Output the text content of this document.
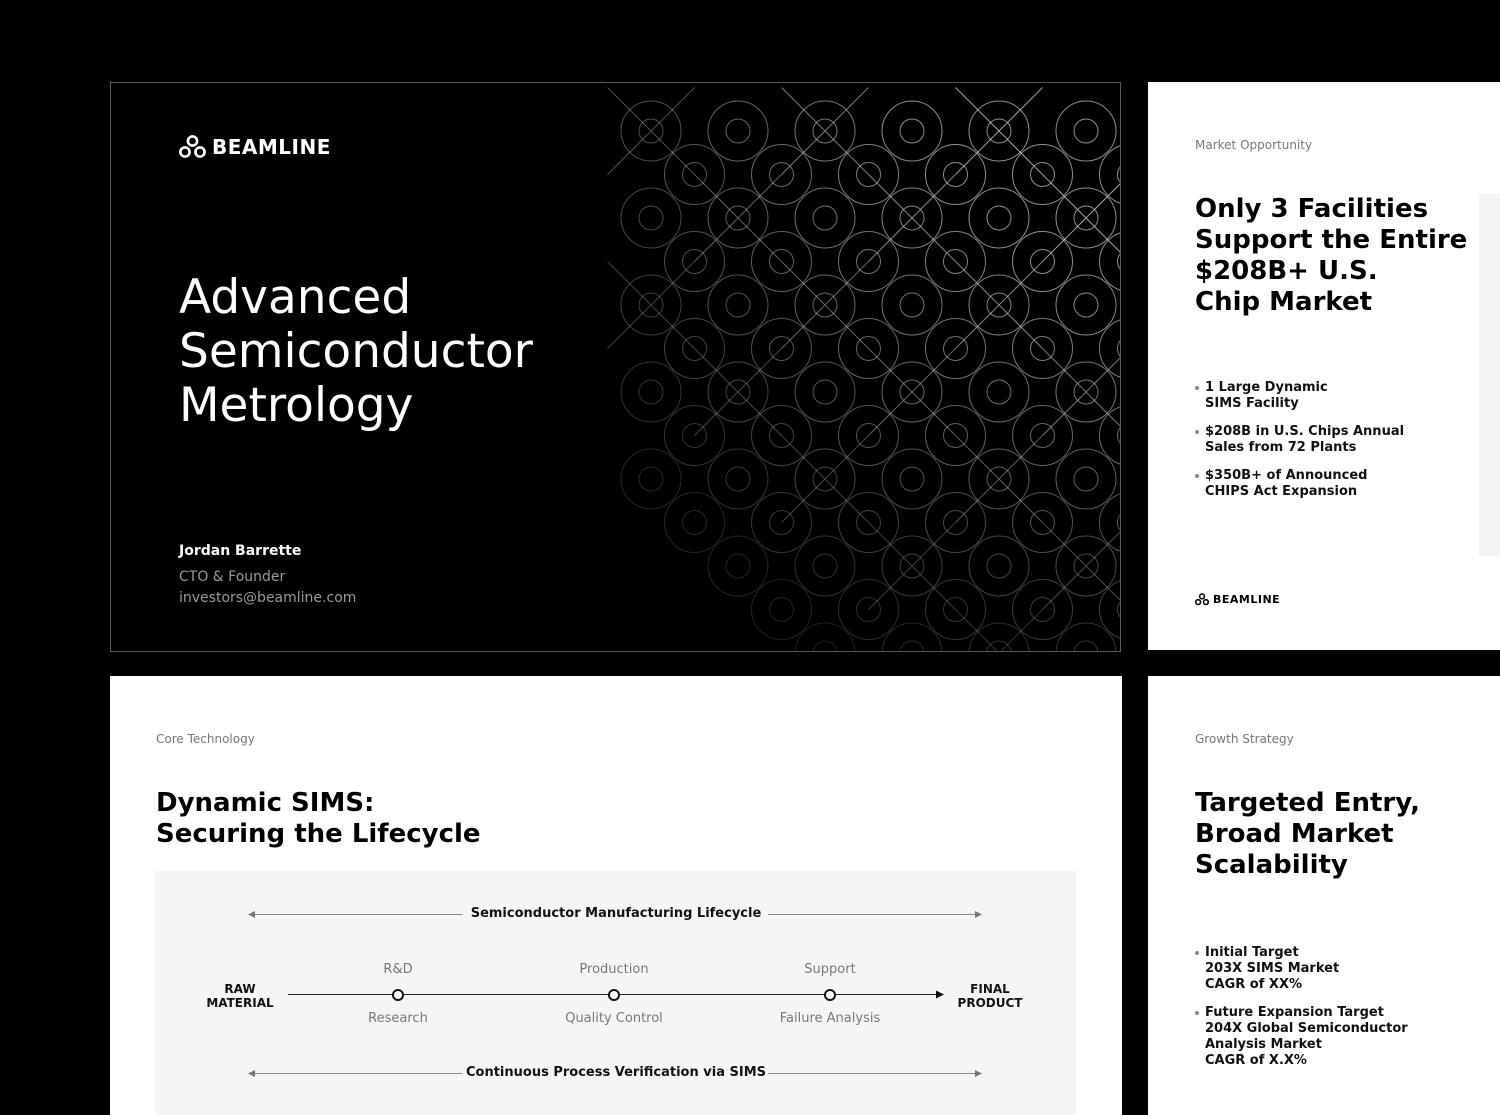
BEAMLINE
Advanced
Semiconductor
Metrology
Jordan Barrette
CTO & Founder
investors@beamline.com
Market Opportunity
Only 3 Facilities
Support the Entire
$208B+ U.S.
Chip Market
1 Large Dynamic
SIMS Facility
$208B in U.S. Chips Annual
Sales from 72 Plants
$350B+ of Announced
CHIPS Act Expansion
BEAMLINE
Core Technology
Dynamic SIMS:
Securing the Lifecycle
Semiconductor Manufacturing Lifecycle
RAW
MATERIAL
FINAL
PRODUCT
R&D
Research
Production
Quality Control
Support
Failure Analysis
Continuous Process Verification via SIMS
Growth Strategy
Targeted Entry,
Broad Market
Scalability
Initial Target
203X SIMS Market
CAGR of XX%
Future Expansion Target
204X Global Semiconductor
Analysis Market
CAGR of X.X%
